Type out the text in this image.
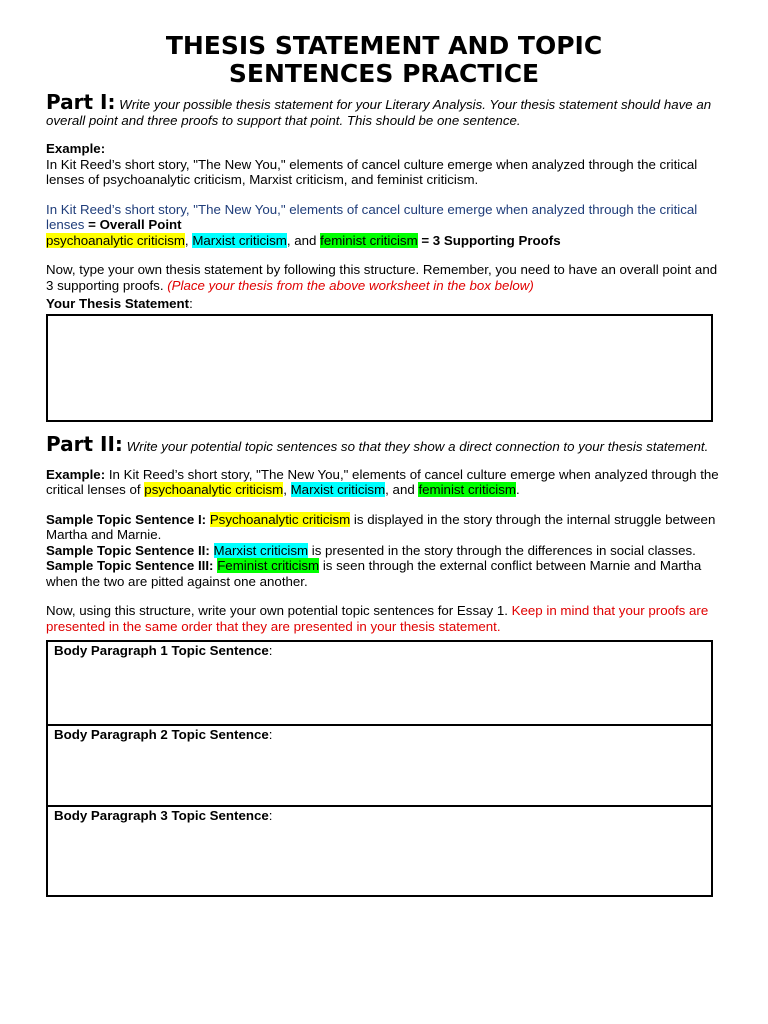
THESIS STATEMENT AND TOPIC
SENTENCES PRACTICE
Part I: Write your possible thesis statement for your Literary Analysis. Your thesis statement should have an overall point and three proofs to support that point. This should be one sentence.

Example:

In Kit Reed’s short story, "The New You," elements of cancel culture emerge when analyzed through the critical lenses of psychoanalytic criticism, Marxist criticism, and feminist criticism.

In Kit Reed’s short story, "The New You," elements of cancel culture emerge when analyzed through the critical lenses = Overall Point
psychoanalytic criticism, Marxist criticism, and feminist criticism = 3 Supporting Proofs

Now, type your own thesis statement by following this structure. Remember, you need to have an overall point and 3 supporting proofs. (Place your thesis from the above worksheet in the box below)

Your Thesis Statement:

Part II: Write your potential topic sentences so that they show a direct connection to your thesis statement.

Example: In Kit Reed’s short story, "The New You," elements of cancel culture emerge when analyzed through the critical lenses of psychoanalytic criticism, Marxist criticism, and feminist criticism.

Sample Topic Sentence I: Psychoanalytic criticism is displayed in the story through the internal struggle between Martha and Marnie.

Sample Topic Sentence II: Marxist criticism is presented in the story through the differences in social classes.

Sample Topic Sentence III: Feminist criticism is seen through the external conflict between Marnie and Martha when the two are pitted against one another.

Now, using this structure, write your own potential topic sentences for Essay 1. Keep in mind that your proofs are presented in the same order that they are presented in your thesis statement.

Body Paragraph 1 Topic Sentence:
Body Paragraph 2 Topic Sentence:
Body Paragraph 3 Topic Sentence:
